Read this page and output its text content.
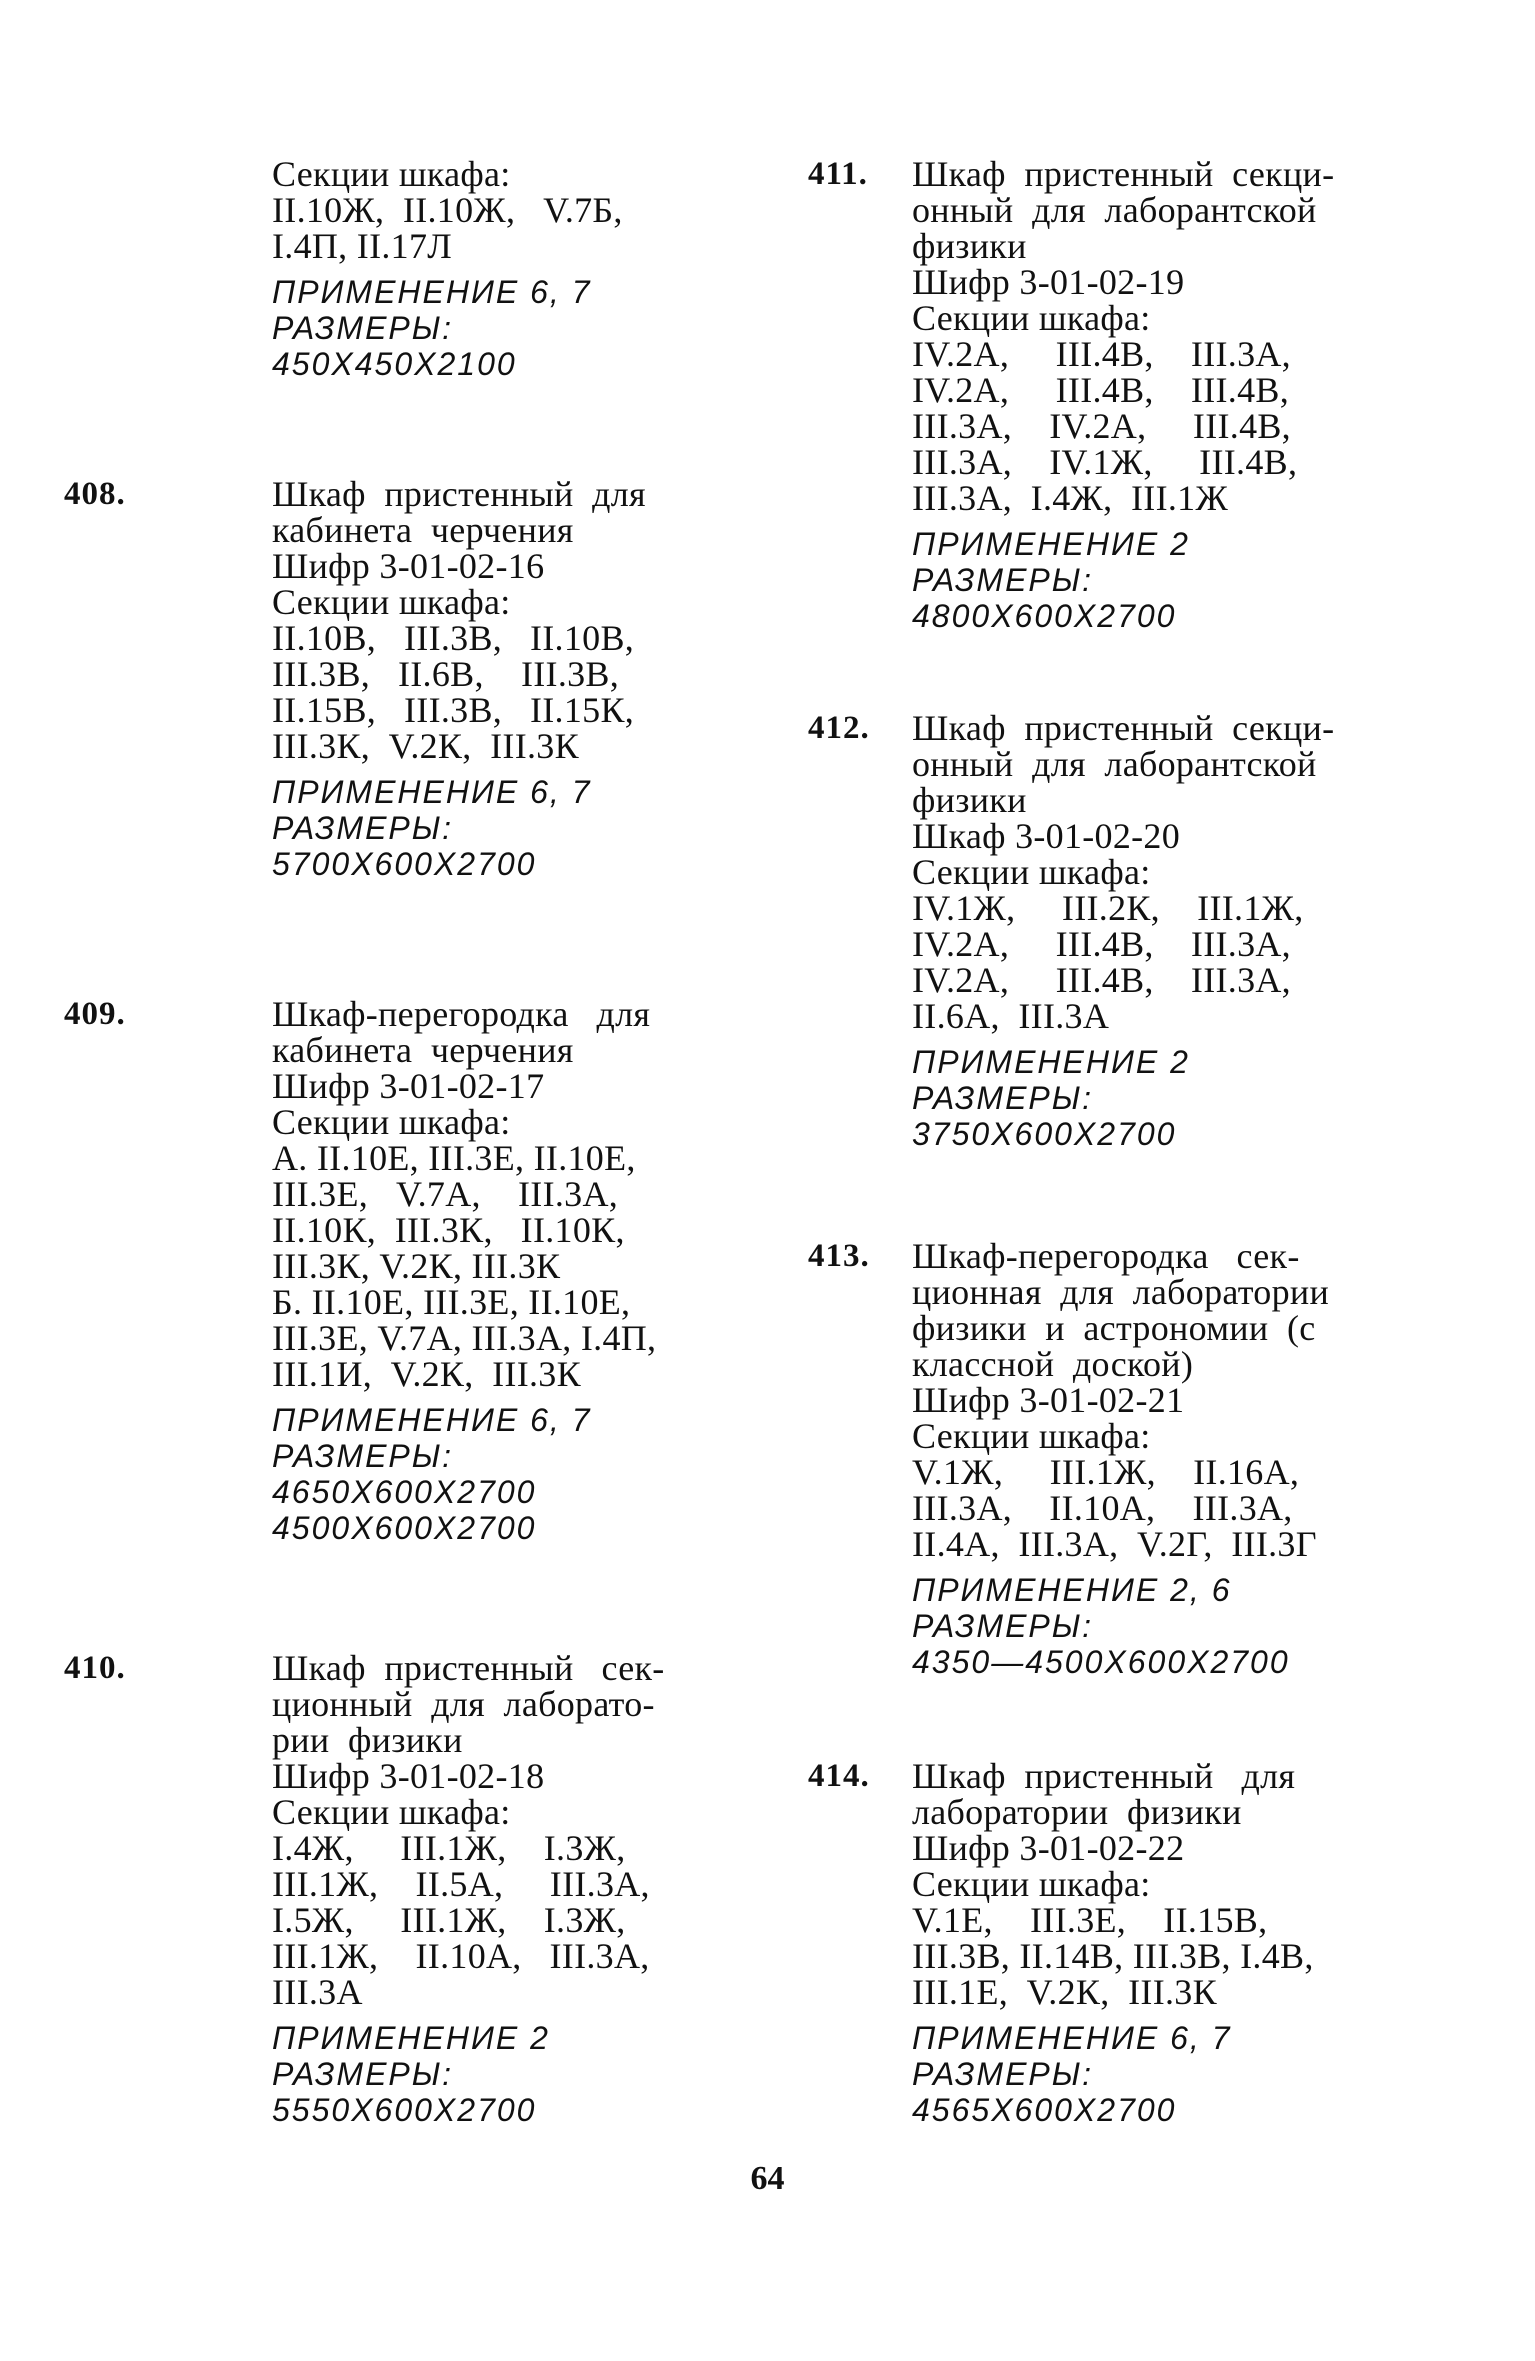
Секции шкафа:
II.10Ж,  II.10Ж,   V.7Б,
I.4П, II.17Л
ПРИМЕНЕНИЕ 6, 7
РАЗМЕРЫ:
450X450X2100
408.	Шкаф  пристенный  для
кабинета  черчения
Шифр 3-01-02-16
Секции шкафа:
II.10В,   III.3В,   II.10В,
III.3В,   II.6В,    III.3В,
II.15В,   III.3В,   II.15К,
III.3К,  V.2К,  III.3К
ПРИМЕНЕНИЕ 6, 7
РАЗМЕРЫ:
5700X600X2700
409.	Шкаф-перегородка   для
кабинета  черчения
Шифр 3-01-02-17
Секции шкафа:
А. II.10Е, III.3Е, II.10Е,
III.3Е,   V.7А,    III.3А,
II.10К,  III.3К,   II.10К,
III.3К, V.2К, III.3К
Б. II.10Е, III.3Е, II.10Е,
III.3Е, V.7А, III.3А, I.4П,
III.1И,  V.2К,  III.3К
ПРИМЕНЕНИЕ 6, 7
РАЗМЕРЫ:
4650X600X2700
4500X600X2700
410.	Шкаф  пристенный   сек-
ционный  для  лаборато-
рии  физики
Шифр 3-01-02-18
Секции шкафа:
I.4Ж,     III.1Ж,    I.3Ж,
III.1Ж,    II.5А,     III.3А,
I.5Ж,     III.1Ж,    I.3Ж,
III.1Ж,    II.10А,   III.3А,
III.3А
ПРИМЕНЕНИЕ 2
РАЗМЕРЫ:
5550X600X2700
411.	Шкаф  пристенный  секци-
онный  для  лаборантской
физики
Шифр 3-01-02-19
Секции шкафа:
IV.2А,     III.4В,    III.3А,
IV.2А,     III.4В,    III.4В,
III.3А,    IV.2А,     III.4В,
III.3А,    IV.1Ж,     III.4В,
III.3А,  I.4Ж,  III.1Ж
ПРИМЕНЕНИЕ 2
РАЗМЕРЫ:
4800X600X2700
412.	Шкаф  пристенный  секци-
онный  для  лаборантской
физики
Шкаф 3-01-02-20
Секции шкафа:
IV.1Ж,     III.2К,    III.1Ж,
IV.2А,     III.4В,    III.3А,
IV.2А,     III.4В,    III.3А,
II.6А,  III.3А
ПРИМЕНЕНИЕ 2
РАЗМЕРЫ:
3750X600X2700
413.	Шкаф-перегородка   сек-
ционная  для  лаборатории
физики  и  астрономии  (с
классной  доской)
Шифр 3-01-02-21
Секции шкафа:
V.1Ж,     III.1Ж,    II.16А,
III.3А,    II.10А,    III.3А,
II.4А,  III.3А,  V.2Г,  III.3Г
ПРИМЕНЕНИЕ 2, 6
РАЗМЕРЫ:
4350—4500X600X2700
414.	Шкаф  пристенный   для
лаборатории  физики
Шифр 3-01-02-22
Секции шкафа:
V.1Е,    III.3Е,    II.15В,
III.3В, II.14В, III.3В, I.4В,
III.1Е,  V.2К,  III.3К
ПРИМЕНЕНИЕ 6, 7
РАЗМЕРЫ:
4565X600X2700
64
